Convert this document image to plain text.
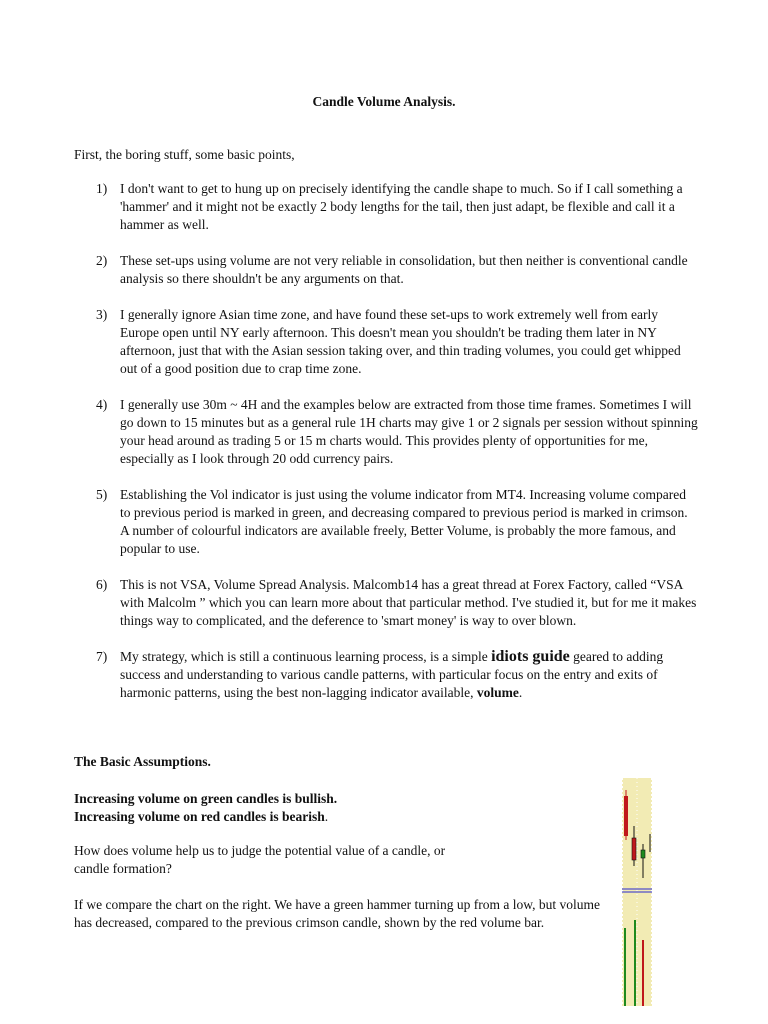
Candle Volume Analysis.
First, the boring stuff, some basic points,
1) I don't want to get to hung up on precisely identifying the candle shape to much. So if I call something a 'hammer' and it might not be exactly 2 body lengths for the tail, then just adapt, be flexible and call it a hammer as well.
2) These set-ups using volume are not very reliable in consolidation, but then neither is conventional candle analysis so there shouldn't be any arguments on that.
3) I generally ignore Asian time zone, and have found these set-ups to work extremely well from early Europe open until NY early afternoon. This doesn't mean you shouldn't be trading them later in NY afternoon, just that with the Asian session taking over, and thin trading volumes, you could get whipped out of a good position due to crap time zone.
4) I generally use 30m ~ 4H and the examples below are extracted from those time frames. Sometimes I will go down to 15 minutes but as a general rule 1H charts may give 1 or 2 signals per session without spinning your head around as trading 5 or 15 m charts would. This provides plenty of opportunities for me, especially as I look through 20 odd currency pairs.
5) Establishing the Vol indicator is just using the volume indicator from MT4. Increasing volume compared to previous period is marked in green, and decreasing compared to previous period is marked in crimson. A number of colourful indicators are available freely, Better Volume, is probably the more famous, and popular to use.
6) This is not VSA, Volume Spread Analysis. Malcomb14 has a great thread at Forex Factory, called “VSA with Malcolm ” which you can learn more about that particular method. I've studied it, but for me it makes things way to complicated, and the deference to 'smart money' is way to over blown.
7) My strategy, which is still a continuous learning process, is a simple idiots guide geared to adding success and understanding to various candle patterns, with particular focus on the entry and exits of harmonic patterns, using the best non-lagging indicator available, volume.
The Basic Assumptions.
Increasing volume on green candles is bullish.
Increasing volume on red candles is bearish.
How does volume help us to judge the potential value of a candle, or candle formation?
If we compare the chart on the right. We have a green hammer turning up from a low, but volume has decreased, compared to the previous crimson candle, shown by the red volume bar.
